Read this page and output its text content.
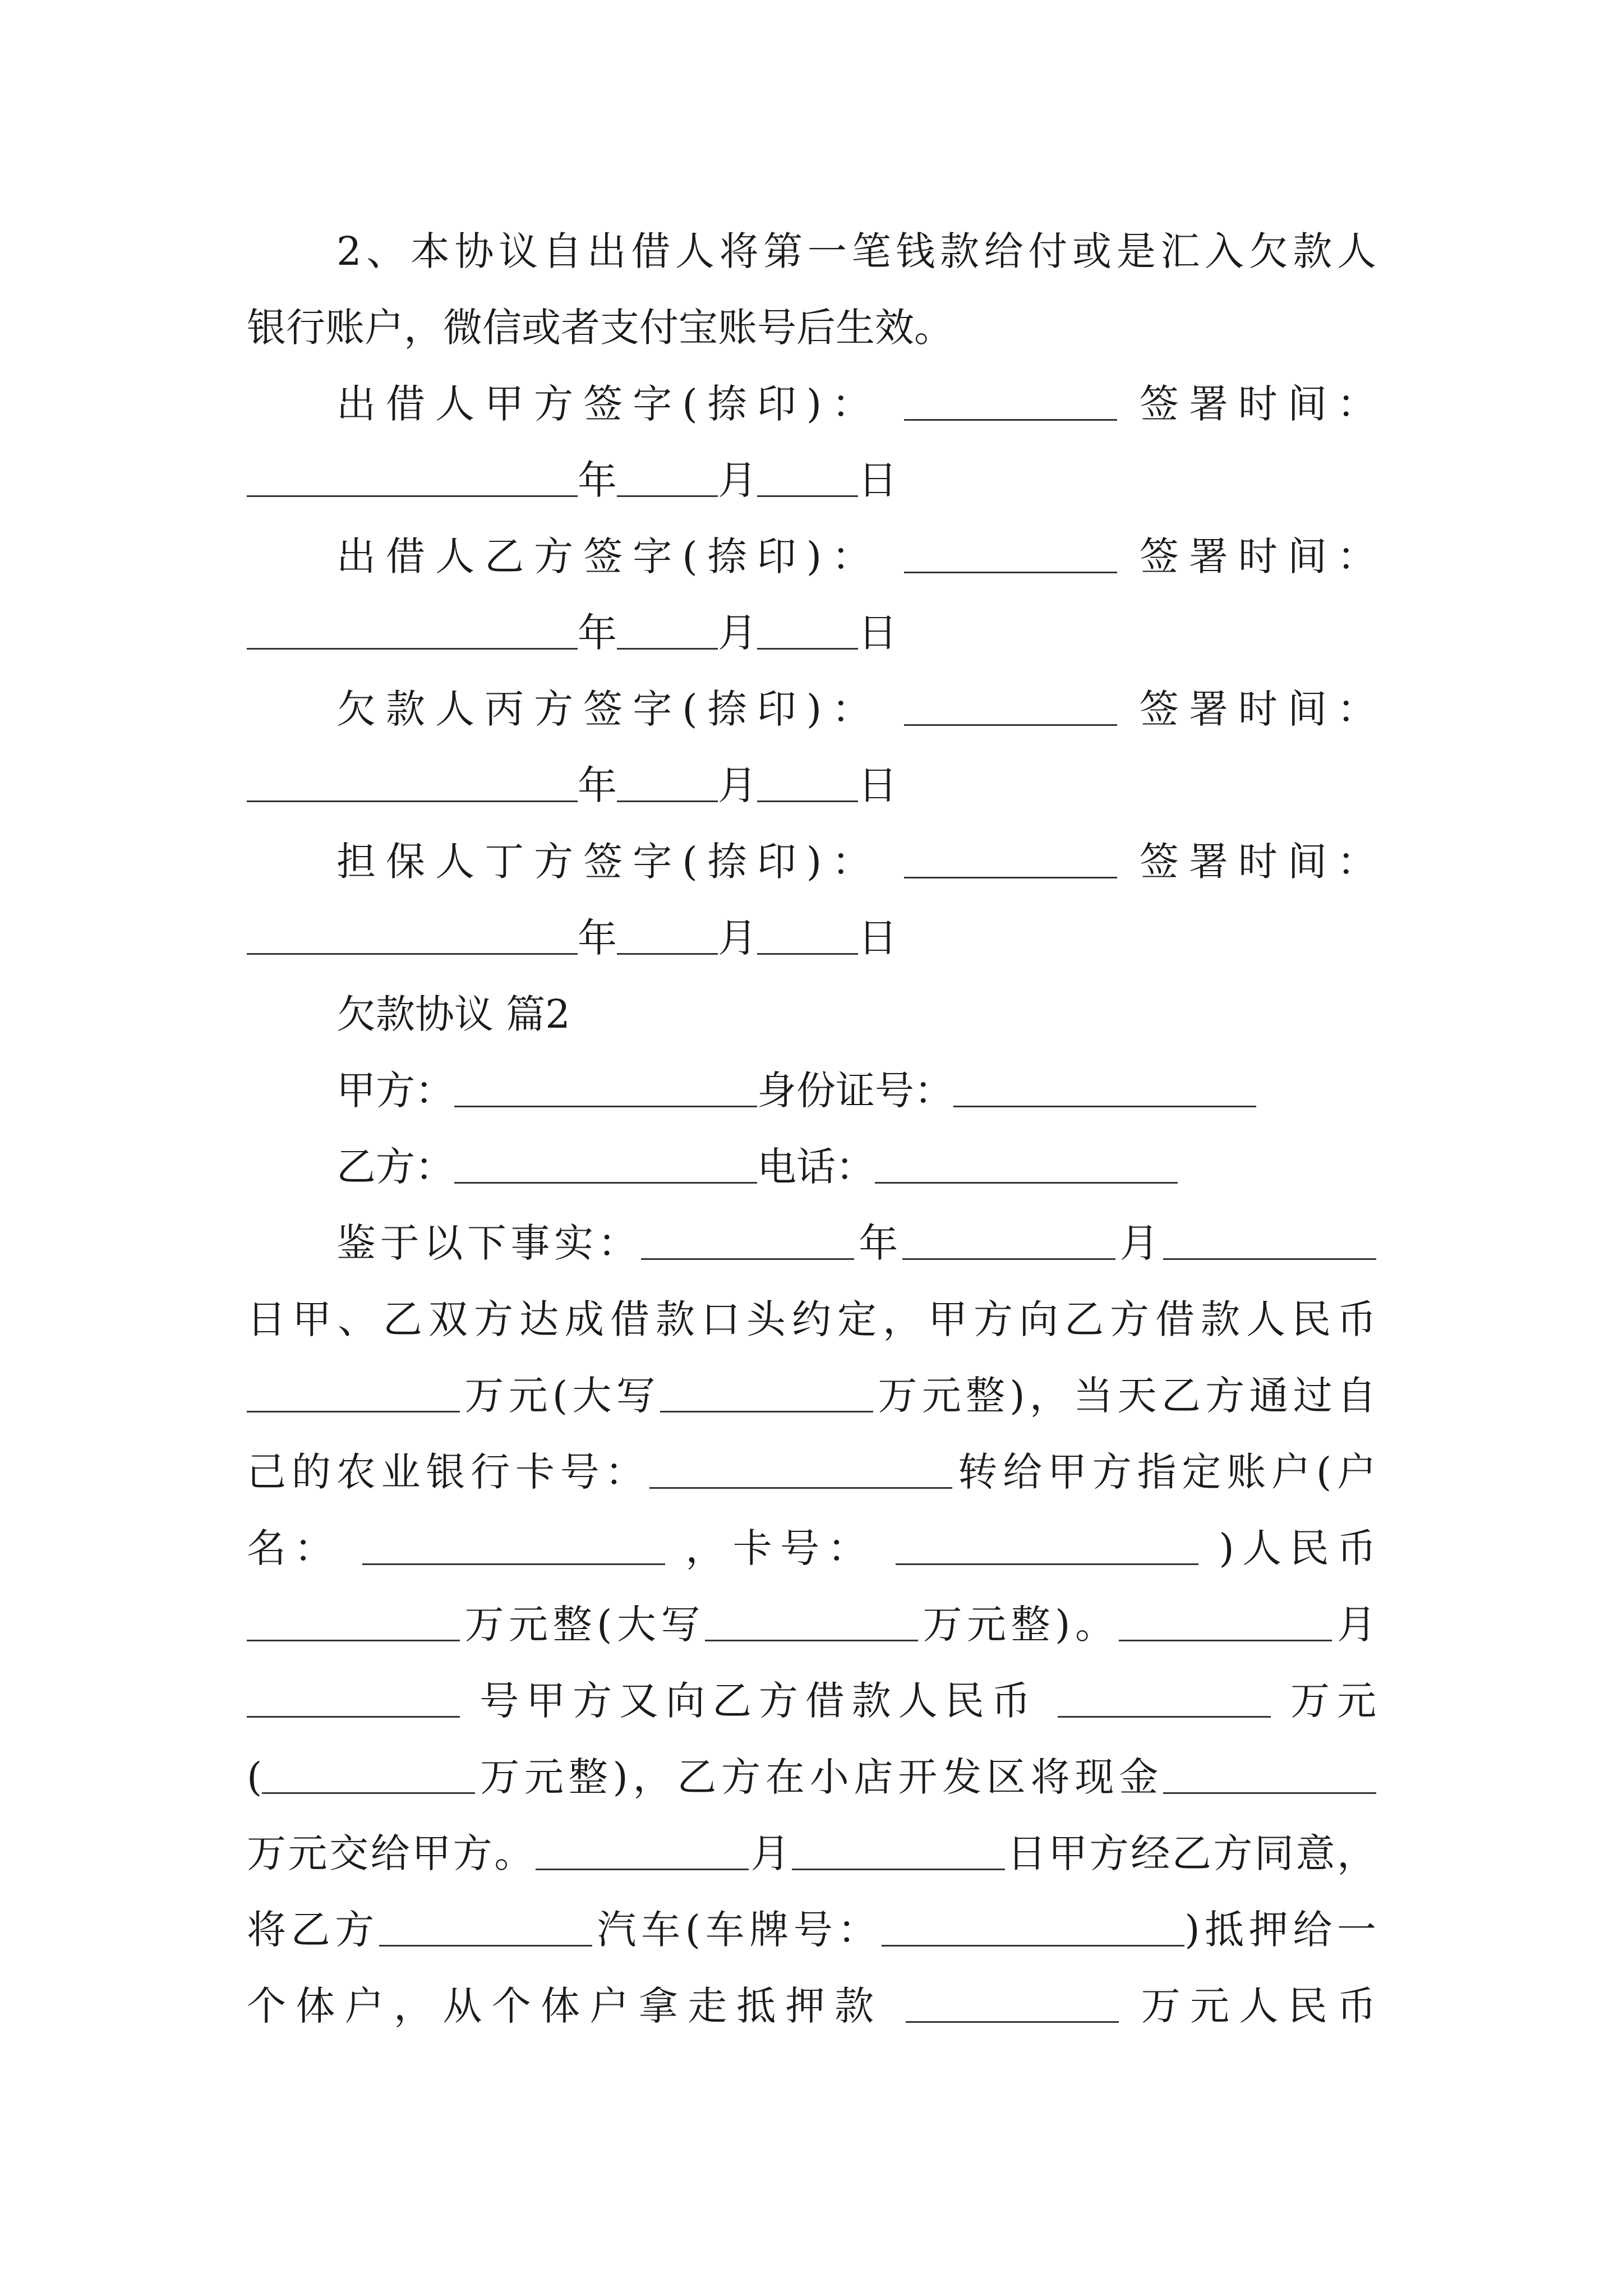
2、本协议自出借人将第一笔钱款给付或是汇入欠款人
银行账户，微信或者支付宝账号后生效。
出借人甲方签字(捺印)：	签署时间：
年	月	日
出借人乙方签字(捺印)：	签署时间：
年	月	日
欠款人丙方签字(捺印)：	签署时间：
年	月	日
担保人丁方签字(捺印)：	签署时间：
年	月	日
欠款协议 篇2
甲方：	身份证号：
乙方：	电话：
鉴于以下事实：	年	月
日甲、乙双方达成借款口头约定，甲方向乙方借款人民币
万元(大写	万元整)，当天乙方通过自
己的农业银行卡号：	转给甲方指定账户(户
名：	，卡号：	)人民币
万元整(大写	万元整)。	月
号甲方又向乙方借款人民币	万元
(	万元整)，乙方在小店开发区将现金
万元交给甲方。	月	日甲方经乙方同意，
将乙方	汽车(车牌号：	)抵押给一
个体户，从个体户拿走抵押款	万元人民币
